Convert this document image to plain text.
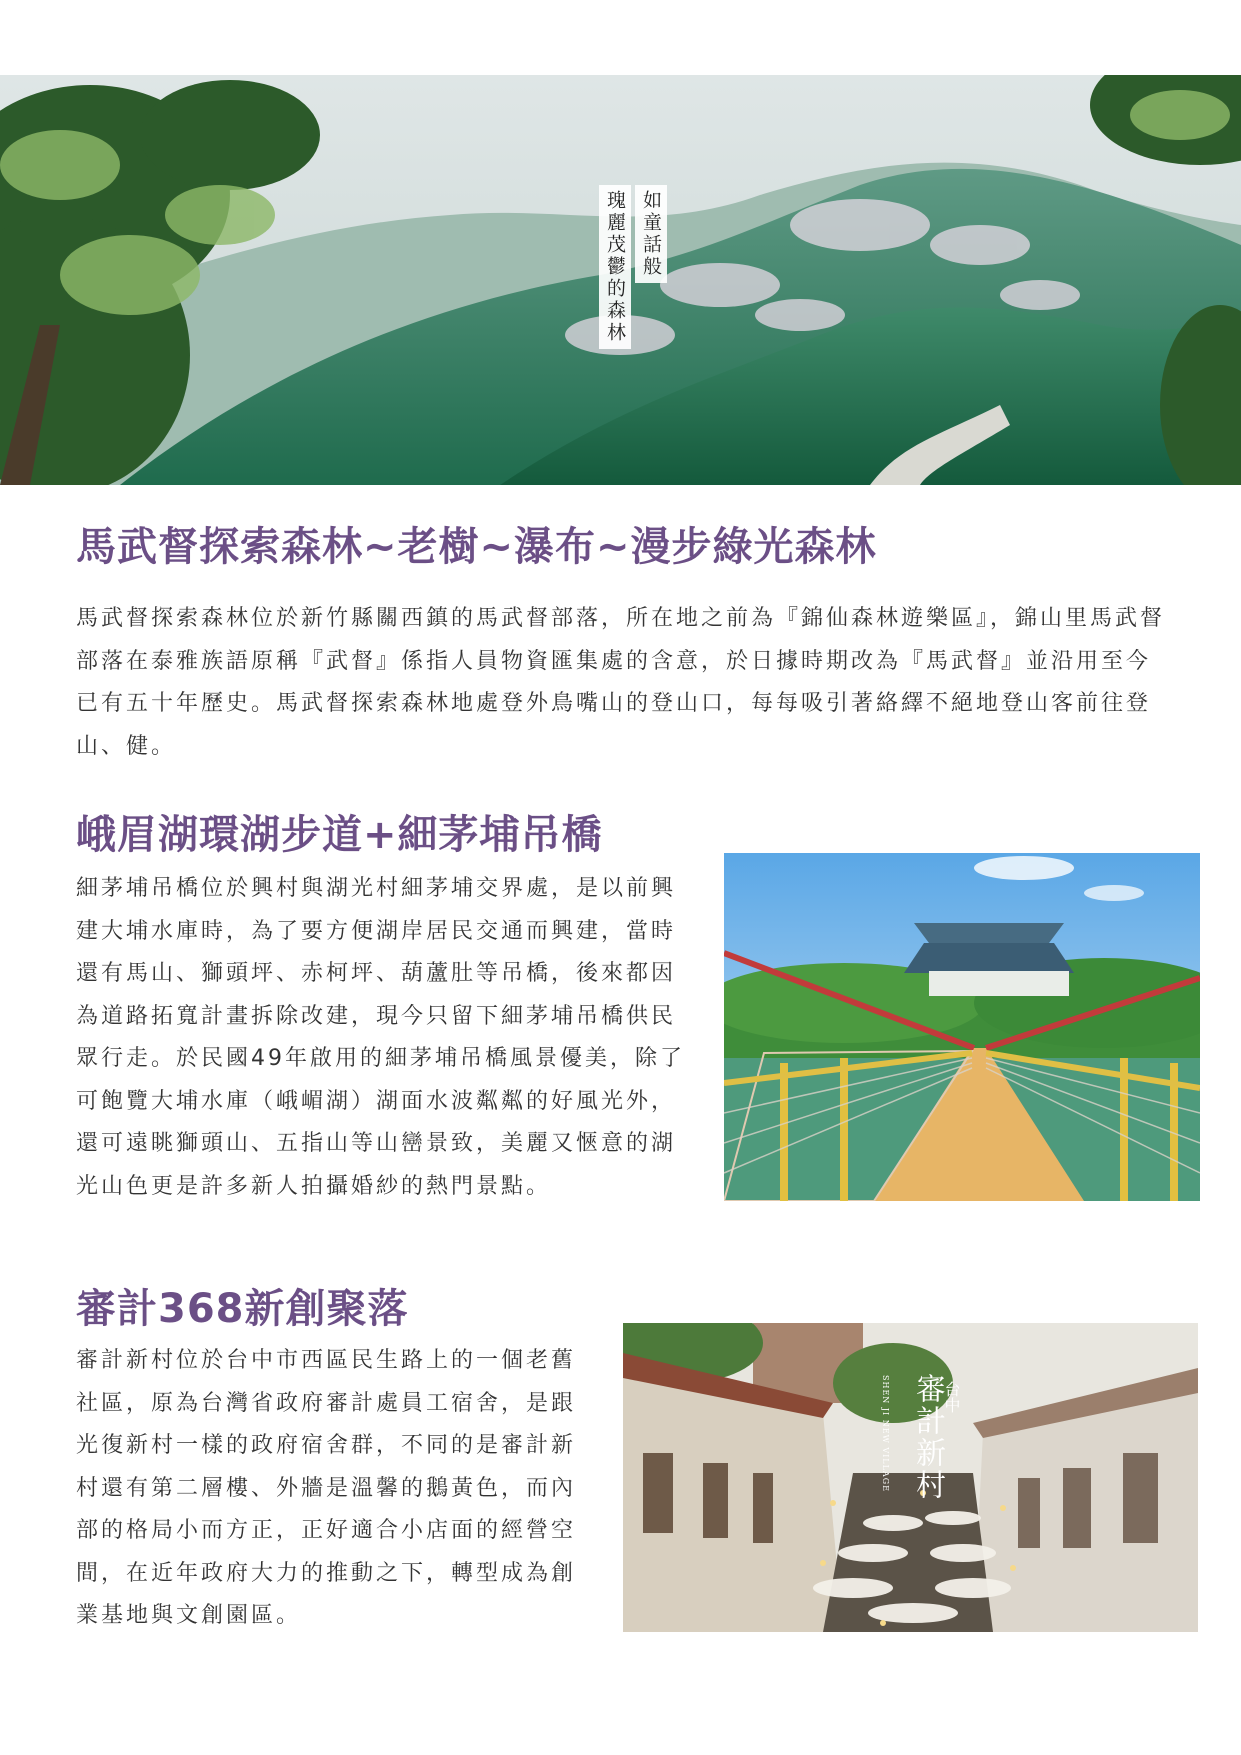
如童話般
瑰麗茂鬱的森林
馬武督探索森林~老樹~瀑布~漫步綠光森林

馬武督探索森林位於新竹縣關西鎮的馬武督部落，所在地之前為『錦仙森林遊樂區』，錦山里馬武督部落在泰雅族語原稱『武督』係指人員物資匯集處的含意，於日據時期改為『馬武督』並沿用至今已有五十年歷史。馬武督探索森林地處登外鳥嘴山的登山口，每每吸引著絡繹不絕地登山客前往登山、健。

峨眉湖環湖步道+細茅埔吊橋

細茅埔吊橋位於興村與湖光村細茅埔交界處，是以前興建大埔水庫時，為了要方便湖岸居民交通而興建，當時還有馬山、獅頭坪、赤柯坪、葫蘆肚等吊橋，後來都因為道路拓寬計畫拆除改建，現今只留下細茅埔吊橋供民眾行走。於民國49年啟用的細茅埔吊橋風景優美，除了可飽覽大埔水庫（峨嵋湖）湖面水波粼粼的好風光外，還可遠眺獅頭山、五指山等山巒景致，美麗又愜意的湖光山色更是許多新人拍攝婚紗的熱門景點。

審計368新創聚落

審計新村位於台中市西區民生路上的一個老舊社區，原為台灣省政府審計處員工宿舍，是跟光復新村一樣的政府宿舍群，不同的是審計新村還有第二層樓、外牆是溫馨的鵝黃色，而內部的格局小而方正，正好適合小店面的經營空間，在近年政府大力的推動之下，轉型成為創業基地與文創園區。

審計新村
台中
SHEN JI NEW VILLAGE
